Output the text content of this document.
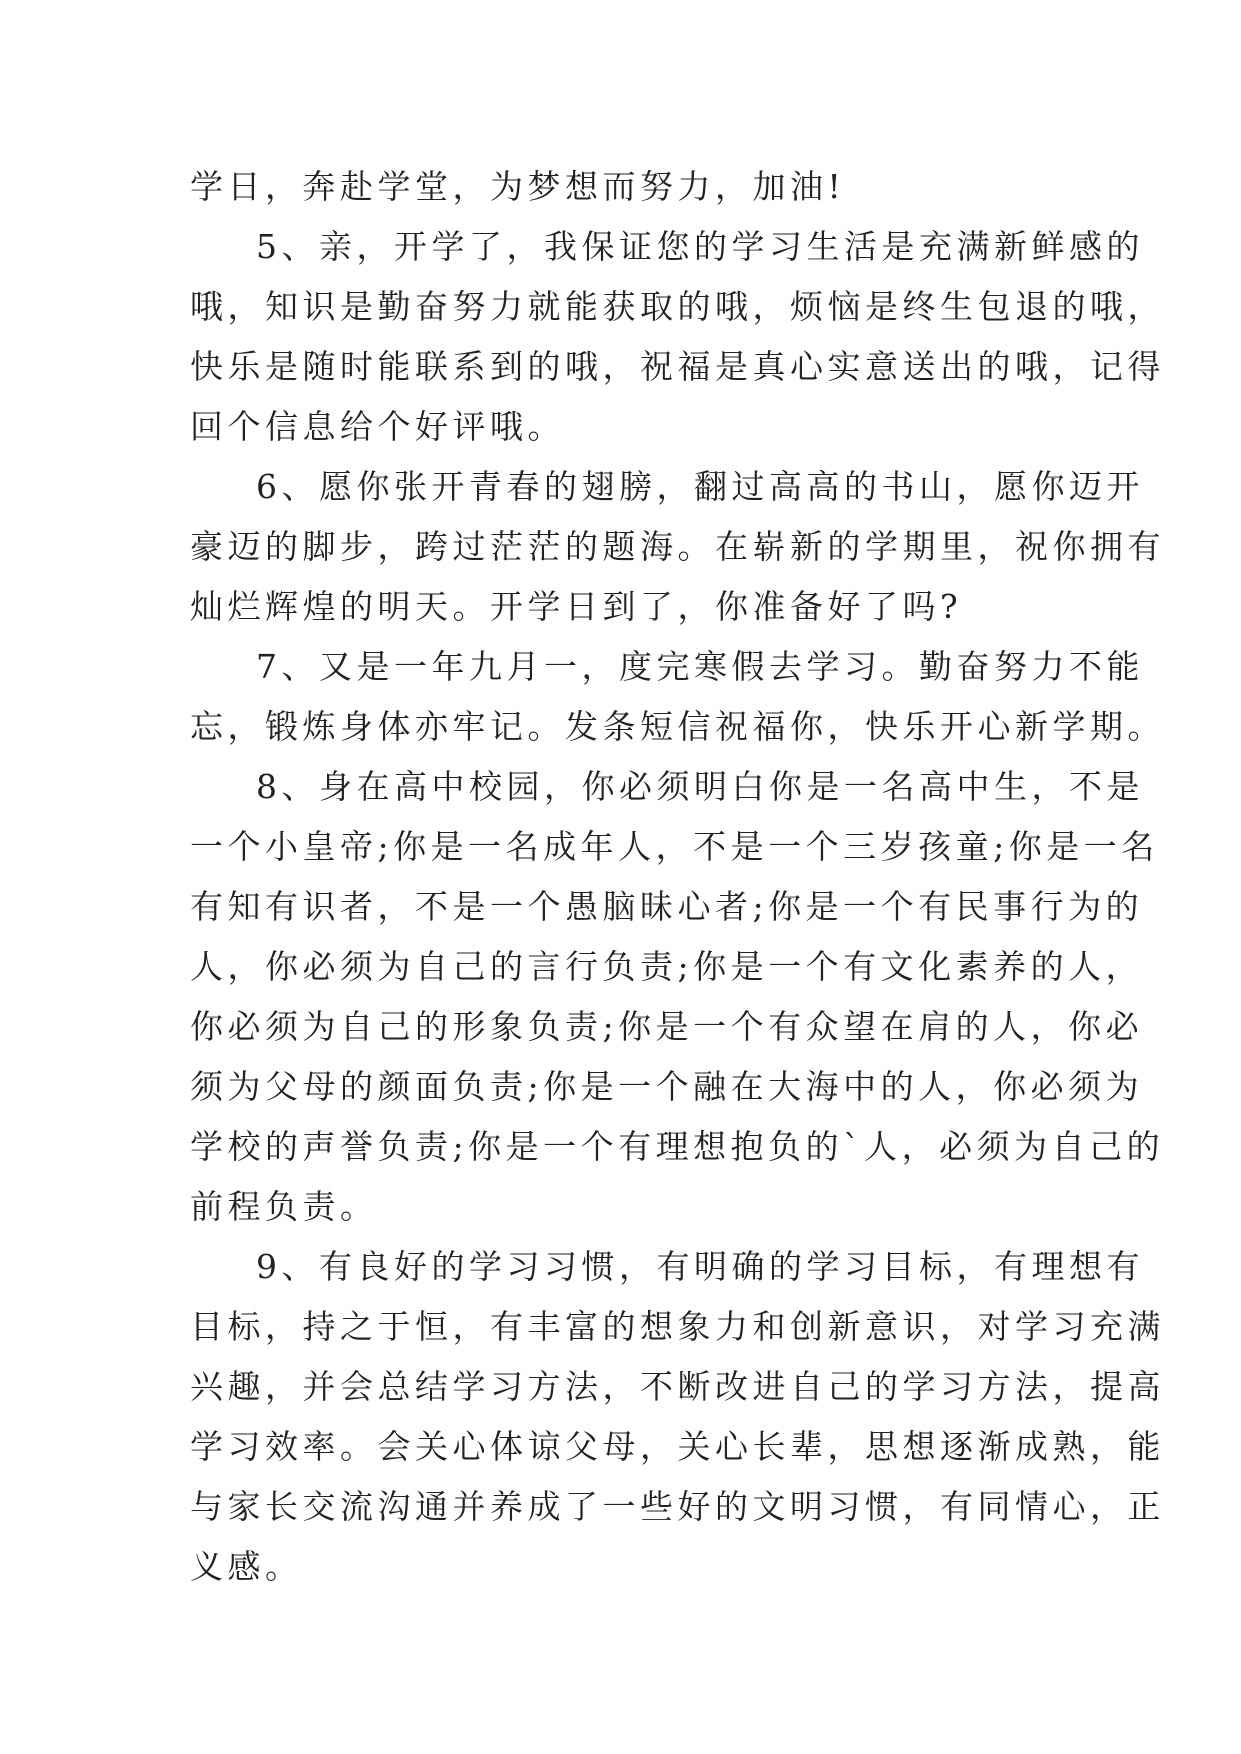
学日，奔赴学堂，为梦想而努力，加油!
5、亲，开学了，我保证您的学习生活是充满新鲜感的
哦，知识是勤奋努力就能获取的哦，烦恼是终生包退的哦，
快乐是随时能联系到的哦，祝福是真心实意送出的哦，记得
回个信息给个好评哦。
6、愿你张开青春的翅膀，翻过高高的书山，愿你迈开
豪迈的脚步，跨过茫茫的题海。在崭新的学期里，祝你拥有
灿烂辉煌的明天。开学日到了，你准备好了吗?
7、又是一年九月一，度完寒假去学习。勤奋努力不能
忘，锻炼身体亦牢记。发条短信祝福你，快乐开心新学期。
8、身在高中校园，你必须明白你是一名高中生，不是
一个小皇帝;你是一名成年人，不是一个三岁孩童;你是一名
有知有识者，不是一个愚脑昧心者;你是一个有民事行为的
人，你必须为自己的言行负责;你是一个有文化素养的人，
你必须为自己的形象负责;你是一个有众望在肩的人，你必
须为父母的颜面负责;你是一个融在大海中的人，你必须为
学校的声誉负责;你是一个有理想抱负的`人，必须为自己的
前程负责。
9、有良好的学习习惯，有明确的学习目标，有理想有
目标，持之于恒，有丰富的想象力和创新意识，对学习充满
兴趣，并会总结学习方法，不断改进自己的学习方法，提高
学习效率。会关心体谅父母，关心长辈，思想逐渐成熟，能
与家长交流沟通并养成了一些好的文明习惯，有同情心，正
义感。
